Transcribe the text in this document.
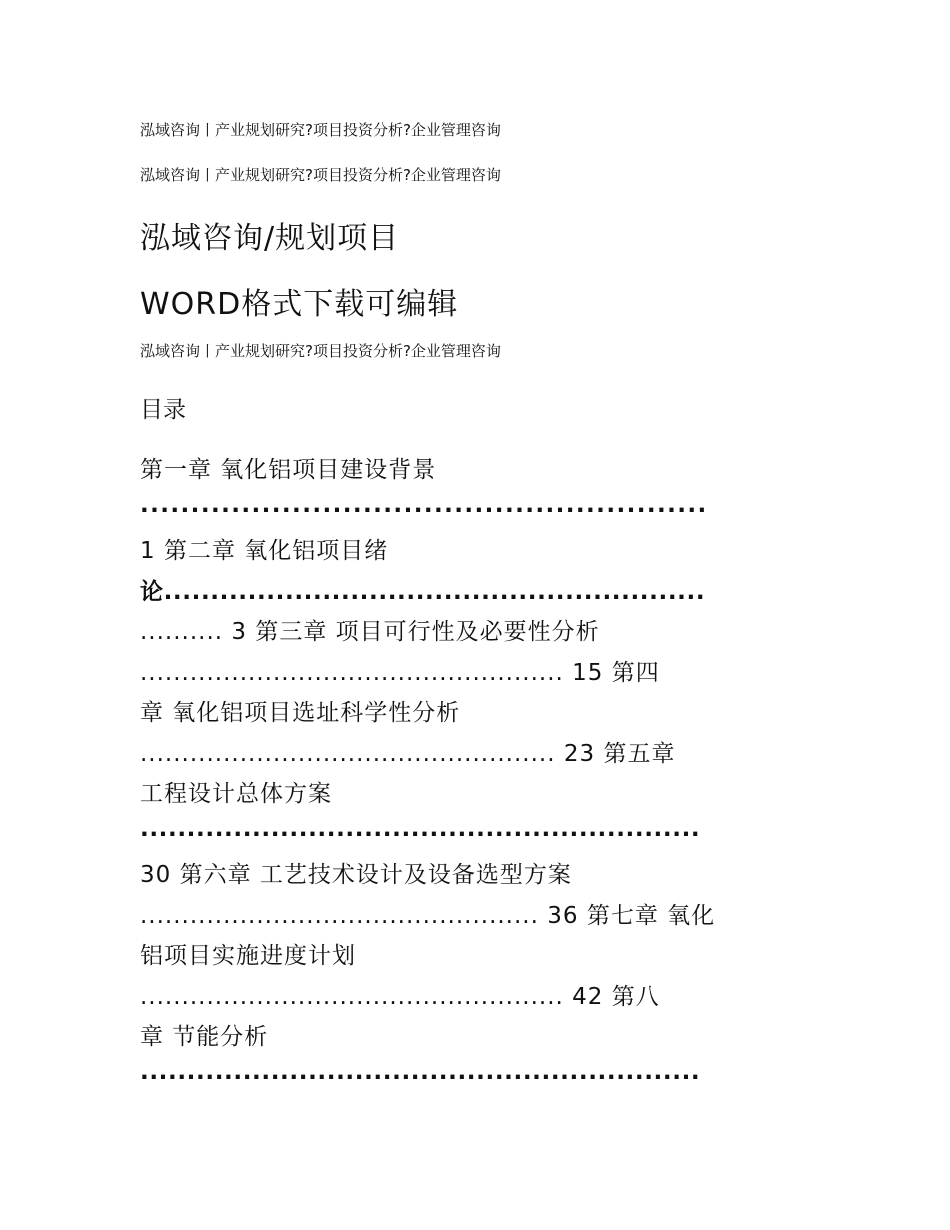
泓域咨询丨产业规划研究?项目投资分析?企业管理咨询
泓域咨询丨产业规划研究?项目投资分析?企业管理咨询
泓域咨询/规划项目
WORD格式下载可编辑
泓域咨询丨产业规划研究?项目投资分析?企业管理咨询
目录
第一章 氧化铝项目建设背景
........................................................
1 第二章 氧化铝项目绪
论..........................................................
.......... 3 第三章 项目可行性及必要性分析
................................................... 15 第四
章 氧化铝项目选址科学性分析
.................................................. 23 第五章
工程设计总体方案
............................................................
30 第六章 工艺技术设计及设备选型方案
................................................ 36 第七章 氧化
铝项目实施进度计划
................................................... 42 第八
章 节能分析
............................................................
